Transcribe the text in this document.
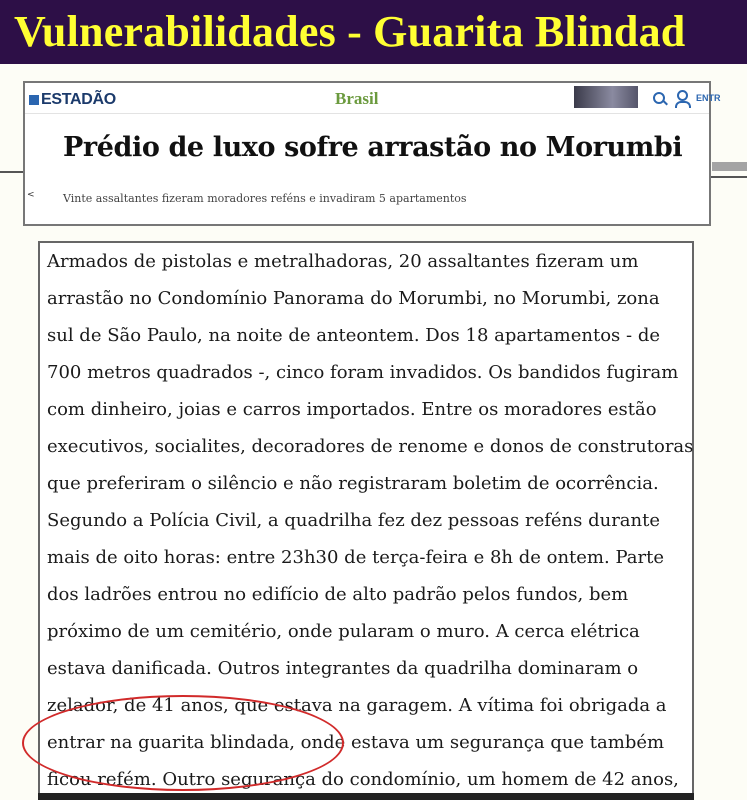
Vulnerabilidades - Guarita Blindad
ESTADÃO	Brasil	ENTR
<
Prédio de luxo sofre arrastão no Morumbi
Vinte assaltantes fizeram moradores reféns e invadiram 5 apartamentos
Armados de pistolas e metralhadoras, 20 assaltantes fizeram um
arrastão no Condomínio Panorama do Morumbi, no Morumbi, zona
sul de São Paulo, na noite de anteontem. Dos 18 apartamentos - de
700 metros quadrados -, cinco foram invadidos. Os bandidos fugiram
com dinheiro, joias e carros importados. Entre os moradores estão
executivos, socialites, decoradores de renome e donos de construtoras
que preferiram o silêncio e não registraram boletim de ocorrência.
Segundo a Polícia Civil, a quadrilha fez dez pessoas reféns durante
mais de oito horas: entre 23h30 de terça-feira e 8h de ontem. Parte
dos ladrões entrou no edifício de alto padrão pelos fundos, bem
próximo de um cemitério, onde pularam o muro. A cerca elétrica
estava danificada. Outros integrantes da quadrilha dominaram o
zelador, de 41 anos, que estava na garagem. A vítima foi obrigada a
entrar na guarita blindada, onde estava um segurança que também
ficou refém. Outro segurança do condomínio, um homem de 42 anos,
